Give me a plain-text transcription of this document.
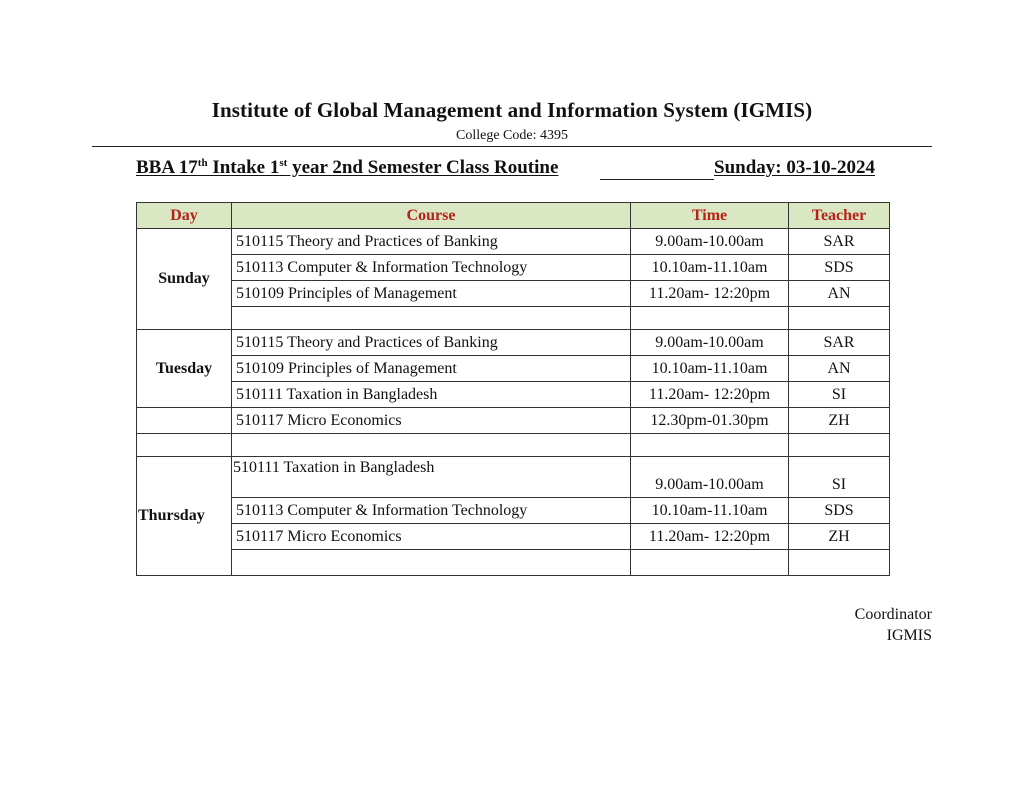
Institute of Global Management and Information System (IGMIS)
College Code: 4395
BBA 17th Intake 1st year 2nd Semester Class Routine	Sunday: 03-10-2024
Day	Course	Time	Teacher
Sunday	510115 Theory and Practices of Banking	9.00am-10.00am	SAR
	510113 Computer & Information Technology	10.10am-11.10am	SDS
	510109 Principles of Management	11.20am- 12:20pm	AN

Tuesday	510115 Theory and Practices of Banking	9.00am-10.00am	SAR
	510109 Principles of Management	10.10am-11.10am	AN
	510111 Taxation in Bangladesh	11.20am- 12:20pm	SI
	510117 Micro Economics	12.30pm-01.30pm	ZH

Thursday	510111 Taxation in Bangladesh	9.00am-10.00am	SI
	510113 Computer & Information Technology	10.10am-11.10am	SDS
	510117 Micro Economics	11.20am- 12:20pm	ZH

Coordinator
IGMIS
